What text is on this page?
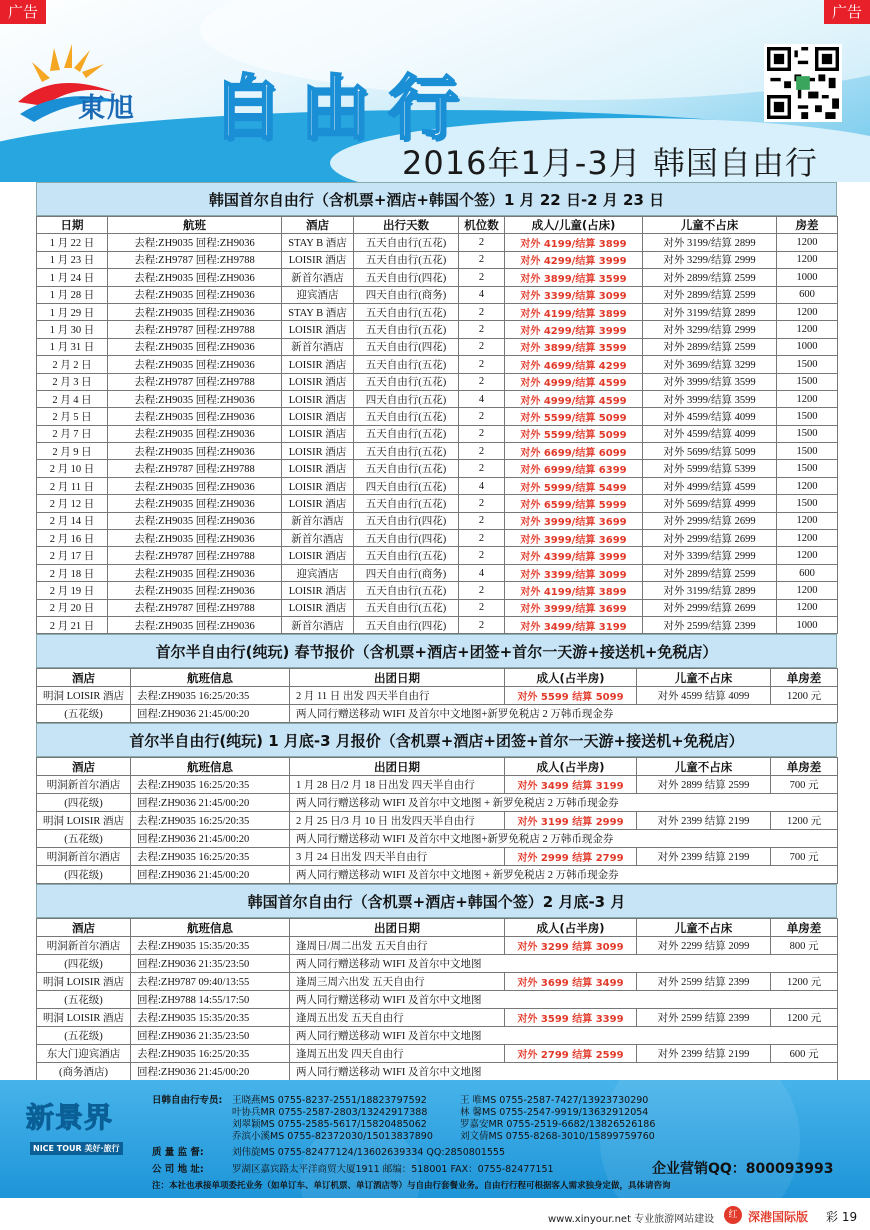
广告	广告
東旭 自由行
2016年1月-3月 韩国自由行
韩国首尔自由行（含机票+酒店+韩国个签）1 月 22 日-2 月 23 日
日期	航班	酒店	出行天数	机位数	成人/儿童(占床)	儿童不占床	房差
1 月 22 日	去程:ZH9035 回程:ZH9036	STAY B 酒店	五天自由行(五花)	2	对外 4199/结算 3899	对外 3199/结算 2899	1200
1 月 23 日	去程:ZH9787 回程:ZH9788	LOISIR 酒店	五天自由行(五花)	2	对外 4299/结算 3999	对外 3299/结算 2999	1200
1 月 24 日	去程:ZH9035 回程:ZH9036	新首尔酒店	五天自由行(四花)	2	对外 3899/结算 3599	对外 2899/结算 2599	1000
1 月 28 日	去程:ZH9035 回程:ZH9036	迎宾酒店	四天自由行(商务)	4	对外 3399/结算 3099	对外 2899/结算 2599	600
1 月 29 日	去程:ZH9035 回程:ZH9036	STAY B 酒店	五天自由行(五花)	2	对外 4199/结算 3899	对外 3199/结算 2899	1200
1 月 30 日	去程:ZH9787 回程:ZH9788	LOISIR 酒店	五天自由行(五花)	2	对外 4299/结算 3999	对外 3299/结算 2999	1200
1 月 31 日	去程:ZH9035 回程:ZH9036	新首尔酒店	五天自由行(四花)	2	对外 3899/结算 3599	对外 2899/结算 2599	1000
2 月 2 日	去程:ZH9035 回程:ZH9036	LOISIR 酒店	五天自由行(五花)	2	对外 4699/结算 4299	对外 3699/结算 3299	1500
2 月 3 日	去程:ZH9787 回程:ZH9788	LOISIR 酒店	五天自由行(五花)	2	对外 4999/结算 4599	对外 3999/结算 3599	1500
2 月 4 日	去程:ZH9035 回程:ZH9036	LOISIR 酒店	四天自由行(五花)	4	对外 4999/结算 4599	对外 3999/结算 3599	1200
2 月 5 日	去程:ZH9035 回程:ZH9036	LOISIR 酒店	五天自由行(五花)	2	对外 5599/结算 5099	对外 4599/结算 4099	1500
2 月 7 日	去程:ZH9035 回程:ZH9036	LOISIR 酒店	五天自由行(五花)	2	对外 5599/结算 5099	对外 4599/结算 4099	1500
2 月 9 日	去程:ZH9035 回程:ZH9036	LOISIR 酒店	五天自由行(五花)	2	对外 6699/结算 6099	对外 5699/结算 5099	1500
2 月 10 日	去程:ZH9787 回程:ZH9788	LOISIR 酒店	五天自由行(五花)	2	对外 6999/结算 6399	对外 5999/结算 5399	1500
2 月 11 日	去程:ZH9035 回程:ZH9036	LOISIR 酒店	四天自由行(五花)	4	对外 5999/结算 5499	对外 4999/结算 4599	1200
2 月 12 日	去程:ZH9035 回程:ZH9036	LOISIR 酒店	五天自由行(五花)	2	对外 6599/结算 5999	对外 5699/结算 4999	1500
2 月 14 日	去程:ZH9035 回程:ZH9036	新首尔酒店	五天自由行(四花)	2	对外 3999/结算 3699	对外 2999/结算 2699	1200
2 月 16 日	去程:ZH9035 回程:ZH9036	新首尔酒店	五天自由行(四花)	2	对外 3999/结算 3699	对外 2999/结算 2699	1200
2 月 17 日	去程:ZH9787 回程:ZH9788	LOISIR 酒店	五天自由行(五花)	2	对外 4399/结算 3999	对外 3399/结算 2999	1200
2 月 18 日	去程:ZH9035 回程:ZH9036	迎宾酒店	四天自由行(商务)	4	对外 3399/结算 3099	对外 2899/结算 2599	600
2 月 19 日	去程:ZH9035 回程:ZH9036	LOISIR 酒店	五天自由行(五花)	2	对外 4199/结算 3899	对外 3199/结算 2899	1200
2 月 20 日	去程:ZH9787 回程:ZH9788	LOISIR 酒店	五天自由行(五花)	2	对外 3999/结算 3699	对外 2999/结算 2699	1200
2 月 21 日	去程:ZH9035 回程:ZH9036	新首尔酒店	五天自由行(四花)	2	对外 3499/结算 3199	对外 2599/结算 2399	1000
首尔半自由行(纯玩) 春节报价（含机票+酒店+团签+首尔一天游+接送机+免税店）
酒店	航班信息	出团日期	成人(占半房)	儿童不占床	单房差
明洞 LOISIR 酒店	去程:ZH9035 16:25/20:35	2 月 11 日 出发 四天半自由行	对外 5599 结算 5099	对外 4599 结算 4099	1200 元
(五花级)	回程:ZH9036 21:45/00:20	两人同行赠送移动 WIFI 及首尔中文地图+新罗免税店 2 万韩币现金券			
首尔半自由行(纯玩) 1 月底-3 月报价（含机票+酒店+团签+首尔一天游+接送机+免税店）
酒店	航班信息	出团日期	成人(占半房)	儿童不占床	单房差
明洞新首尔酒店	去程:ZH9035 16:25/20:35	1 月 28 日/2 月 18 日出发 四天半自由行	对外 3499 结算 3199	对外 2899 结算 2599	700 元
(四花级)	回程:ZH9036 21:45/00:20	两人同行赠送移动 WIFI 及首尔中文地图 + 新罗免税店 2 万韩币现金券			
明洞 LOISIR 酒店	去程:ZH9035 16:25/20:35	2 月 25 日/3 月 10 日 出发四天半自由行	对外 3199 结算 2999	对外 2399 结算 2199	1200 元
(五花级)	回程:ZH9036 21:45/00:20	两人同行赠送移动 WIFI 及首尔中文地图+新罗免税店 2 万韩币现金券			
明洞新首尔酒店	去程:ZH9035 16:25/20:35	3 月 24 日出发 四天半自由行	对外 2999 结算 2799	对外 2399 结算 2199	700 元
(四花级)	回程:ZH9036 21:45/00:20	两人同行赠送移动 WIFI 及首尔中文地图 + 新罗免税店 2 万韩币现金券			
韩国首尔自由行（含机票+酒店+韩国个签）2 月底-3 月
酒店	航班信息	出团日期	成人(占半房)	儿童不占床	单房差
明洞新首尔酒店	去程:ZH9035 15:35/20:35	逢周日/周二出发 五天自由行	对外 3299 结算 3099	对外 2299 结算 2099	800 元
(四花级)	回程:ZH9036 21:35/23:50	两人同行赠送移动 WIFI 及首尔中文地图			
明洞 LOISIR 酒店	去程:ZH9787 09:40/13:55	逢周三周六出发 五天自由行	对外 3699 结算 3499	对外 2599 结算 2399	1200 元
(五花级)	回程:ZH9788 14:55/17:50	两人同行赠送移动 WIFI 及首尔中文地图			
明洞 LOISIR 酒店	去程:ZH9035 15:35/20:35	逢周五出发 五天自由行	对外 3599 结算 3399	对外 2599 结算 2399	1200 元
(五花级)	回程:ZH9036 21:35/23:50	两人同行赠送移动 WIFI 及首尔中文地图			
东大门迎宾酒店	去程:ZH9035 16:25/20:35	逢周五出发 四天自由行	对外 2799 结算 2599	对外 2399 结算 2199	600 元
(商务酒店)	回程:ZH9036 21:45/00:20	两人同行赠送移动 WIFI 及首尔中文地图			
新景界
NICE TOUR 美好·旅行
日韩自由行专员: 王晓燕MS 0755-8237-2551/18823797592
叶协兵MR 0755-2587-2803/13242917388
刘翠颖MS 0755-2585-5617/15820485062
乔滨小溪MS 0755-82372030/15013837890
王 唯MS 0755-2587-7427/13923730290
林 馨MS 0755-2547-9919/13632912054
罗嘉安MR 0755-2519-6682/13826526186
刘文倩MS 0755-8268-3010/15899759760
质 量 监 督:	刘伟旋MS 0755-82477124/13602639334 QQ:2850801555
公 司 地 址:	罗湖区嘉宾路太平洋商贸大厦1911 邮编：518001 FAX：0755-82477151	企业营销QQ：800093993
注：本社也承接单项委托业务（如单订车、单订机票、单订酒店等）与自由行套餐业务。自由行行程可根据客人需求独身定做，具体请咨询
www.xinyour.net 专业旅游网站建设	红 深港国际版 彩 19
